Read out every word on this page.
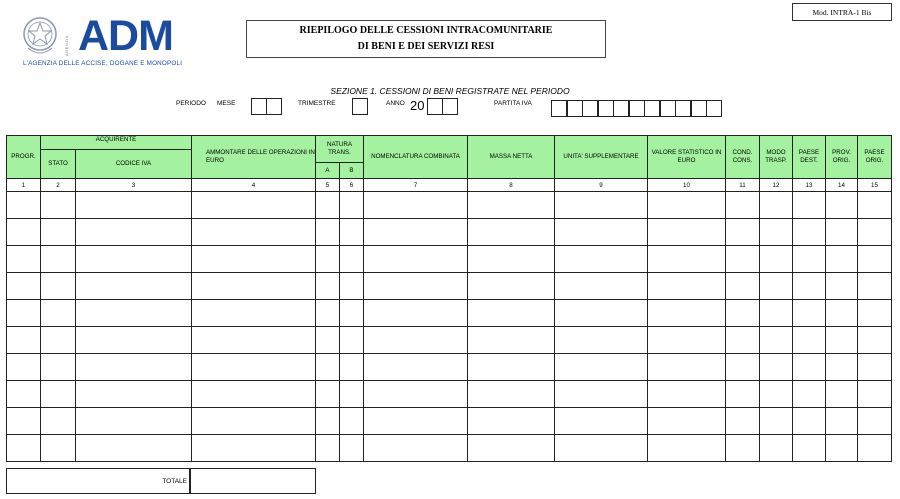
Mod. INTRA-1 Bis
AGENZIA ADM
L'AGENZIA DELLE ACCISE, DOGANE E MONOPOLI
RIEPILOGO DELLE CESSIONI INTRACOMUNITARIE
DI BENI E DEI SERVIZI RESI
SEZIONE 1. CESSIONI DI BENI REGISTRATE NEL PERIODO
PERIODO MESE	TRIMESTRE	ANNO 20	PARTITA IVA
PROGR.	ACQUIRENTE		AMMONTARE DELLE OPERAZIONI IN EURO	NATURA TRANS.		NOMENCLATURA COMBINATA	MASSA NETTA	UNITA' SUPPLEMENTARE	VALORE STATISTICO IN EURO	COND. CONS.	MODO TRASP.	PAESE DEST.	PROV. ORIG.	PAESE ORIG.
	STATO	CODICE IVA												
				A	B									
1	2	3	4	5	6	7	8	9	10	11	12	13	14	15

TOTALE
